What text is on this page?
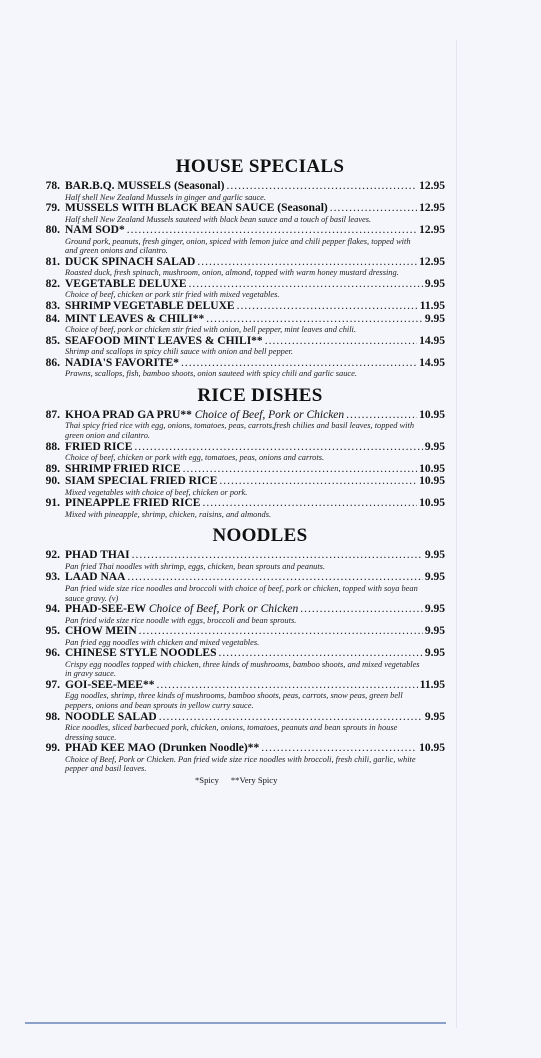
HOUSE SPECIALS
78. BAR.B.Q. MUSSELS (Seasonal) .....	12.95
Half shell New Zealand Mussels in ginger and garlic sauce.
79. MUSSELS WITH BLACK BEAN SAUCE (Seasonal) .....	12.95
Half shell New Zealand Mussels sauteed with black bean sauce and a touch of basil leaves.
80. NAM SOD* .....	12.95
Ground pork, peanuts, fresh ginger, onion, spiced with lemon juice and chili pepper flakes, topped with and green onions and cilantro.
81. DUCK SPINACH SALAD .....	12.95
Roasted duck, fresh spinach, mushroom, onion, almond, topped with warm honey mustard dressing.
82. VEGETABLE DELUXE .....	9.95
Choice of beef, chicken or pork stir fried with mixed vegetables.
83. SHRIMP VEGETABLE DELUXE .....	11.95
84. MINT LEAVES & CHILI** .....	9.95
Choice of beef, pork or chicken stir fried with onion, bell pepper, mint leaves and chili.
85. SEAFOOD MINT LEAVES & CHILI** .....	14.95
Shrimp and scallops in spicy chili sauce with onion and bell pepper.
86. NADIA'S FAVORITE* .....	14.95
Prawns, scallops, fish, bamboo shoots, onion sauteed with spicy chili and garlic sauce.
RICE DISHES
87. KHOA PRAD GA PRU** Choice of Beef, Pork or Chicken .....	10.95
Thai spicy fried rice with egg, onions, tomatoes, peas, carrots,fresh chilies and basil leaves, topped with green onion and cilantro.
88. FRIED RICE .....	9.95
Choice of beef, chicken or pork with egg, tomatoes, peas, onions and carrots.
89. SHRIMP FRIED RICE .....	10.95
90. SIAM SPECIAL FRIED RICE .....	10.95
Mixed vegetables with choice of beef, chicken or pork.
91. PINEAPPLE FRIED RICE .....	10.95
Mixed with pineapple, shrimp, chicken, raisins, and almonds.
NOODLES
92. PHAD THAI .....	9.95
Pan fried Thai noodles with shrimp, eggs, chicken, bean sprouts and peanuts.
93. LAAD NAA .....	9.95
Pan fried wide size rice noodles and broccoli with choice of beef, pork or chicken, topped with soya bean sauce gravy. (v)
94. PHAD-SEE-EW Choice of Beef, Pork or Chicken .....	9.95
Pan fried wide size rice noodle with eggs, broccoli and bean sprouts.
95. CHOW MEIN .....	9.95
Pan fried egg noodles with chicken and mixed vegetables.
96. CHINESE STYLE NOODLES .....	9.95
Crispy egg noodles topped with chicken, three kinds of mushrooms, bamboo shoots, and mixed vegetables in gravy sauce.
97. GOI-SEE-MEE** .....	11.95
Egg noodles, shrimp, three kinds of mushrooms, bamboo shoots, peas, carrots, snow peas, green bell peppers, onions and bean sprouts in yellow curry sauce.
98. NOODLE SALAD .....	9.95
Rice noodles, sliced barbecued pork, chicken, onions, tomatoes, peanuts and bean sprouts in house dressing sauce.
99. PHAD KEE MAO (Drunken Noodle)** .....	10.95
Choice of Beef, Pork or Chicken. Pan fried wide size rice noodles with broccoli, fresh chili, garlic, white pepper and basil leaves.
*Spicy **Very Spicy
